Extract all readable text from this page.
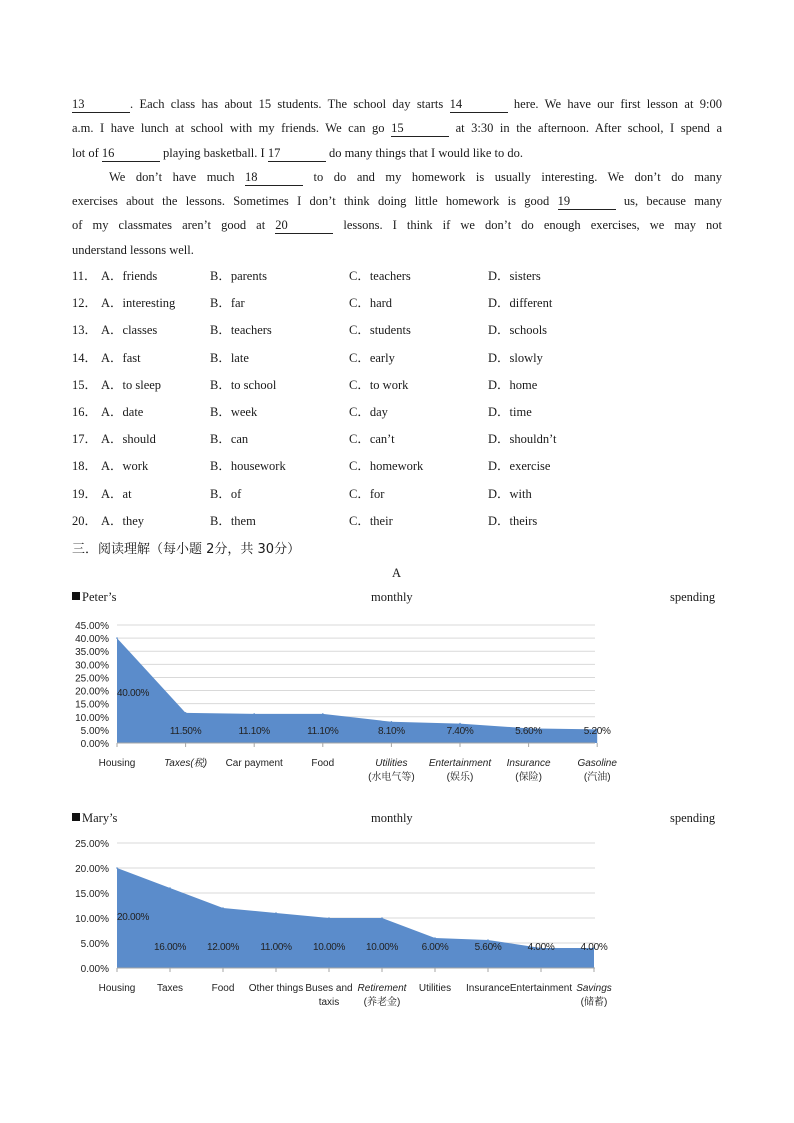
13	. Each class has about 15 students. The school day starts 14	here. We have our first lesson at 9:00
a.m. I have lunch at school with my friends. We can go 15	at 3:30 in the afternoon. After school, I spend a
lot of 16	playing basketball. I 17	do many things that I would like to do.
We don’t have much 18	to do and my homework is usually interesting. We don’t do many
exercises about the lessons. Sometimes I don’t think doing little homework is good 19	us, because many
of my classmates aren’t good at 20	lessons. I think if we don’t do enough exercises, we may not
understand lessons well.
11． A．friends	B．parents	C．teachers	D．sisters
12． A．interesting	B．far	C．hard	D．different
13． A．classes	B．teachers	C．students	D．schools
14． A．fast	B．late	C．early	D．slowly
15． A．to sleep	B．to school	C．to work	D．home
16． A．date	B．week	C．day	D．time
17． A．should	B．can	C．can’t	D．shouldn’t
18． A．work	B．housework	C．homework	D．exercise
19． A．at	B．of	C．for	D．with
20． A．they	B．them	C．their	D．theirs
三．阅读理解（每小题 2分，共 30分）
A
Peter’s	monthly	spending
45.00%
40.00%
35.00%
30.00%
25.00%
20.00%
15.00%
10.00%
5.00%
0.00%
40.00%
11.50%	11.10%	11.10%	8.10%	7.40%	5.60%	5.20%
Housing	Taxes(税) Car payment	Food	Utilities
(水电气等)
Entertainment
(娱乐)
Insurance
(保险)
Gasoline
(汽油)
Mary’s	monthly	spending
25.00%
20.00%
15.00%
10.00%
5.00%
0.00%
20.00%
16.00% 12.00% 11.00% 10.00% 10.00% 6.00%	5.60%	4.00%	4.00%
Housing Taxes	Food Other things Buses and
taxis
Retirement
(养老金)
Utilities Insurance Entertainment Savings
(储蓄)
